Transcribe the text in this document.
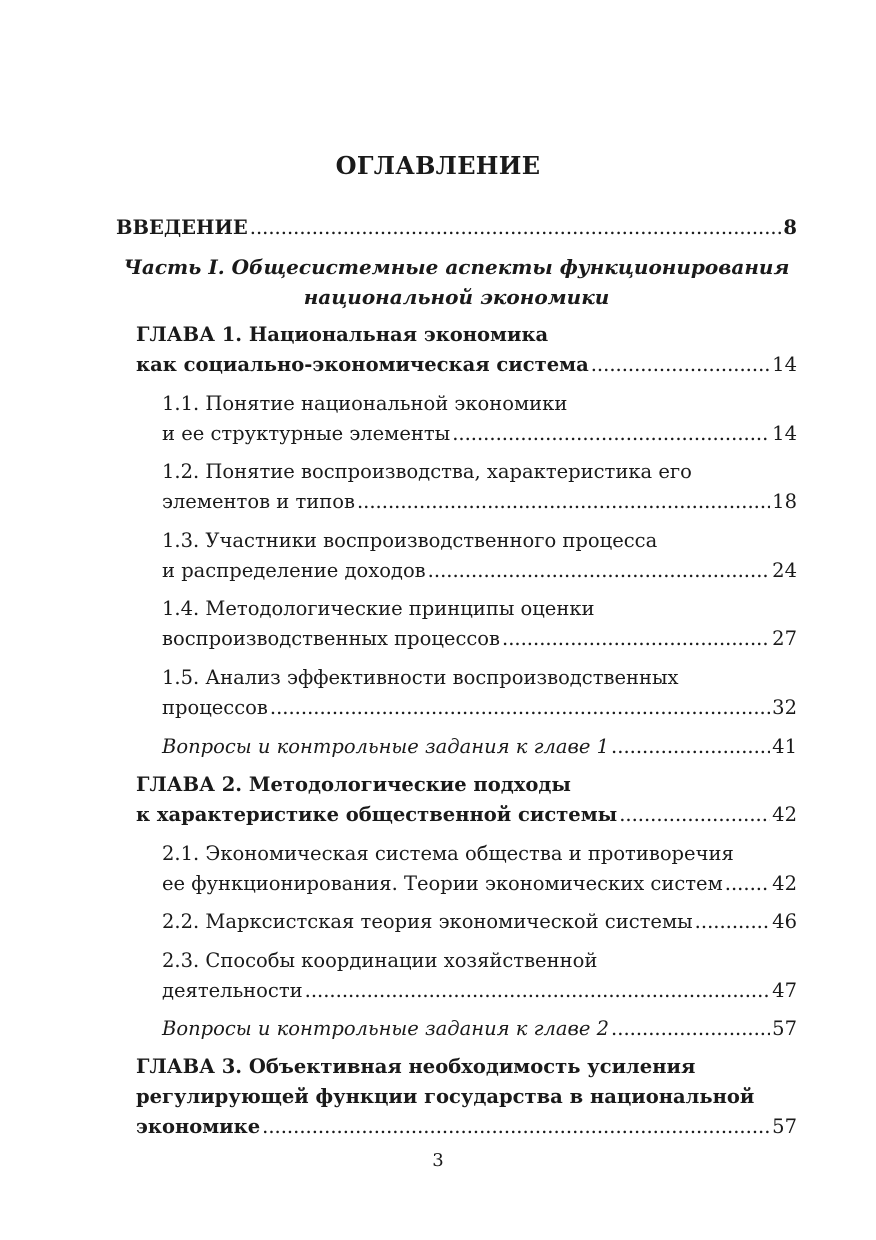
ОГЛАВЛЕНИЕ
ВВЕДЕНИЕ .....	8
Часть I. Общесистемные аспекты функционирования
национальной экономики
ГЛАВА 1. Национальная экономика
как социально-экономическая система .....	14
1.1. Понятие национальной экономики
и ее структурные элементы .....	14
1.2. Понятие воспроизводства, характеристика его
элементов и типов .....	18
1.3. Участники воспроизводственного процесса
и распределение доходов .....	24
1.4. Методологические принципы оценки
воспроизводственных процессов .....	27
1.5. Анализ эффективности воспроизводственных
процессов .....	32
Вопросы и контрольные задания к главе 1 .....	41
ГЛАВА 2. Методологические подходы
к характеристике общественной системы .....	42
2.1. Экономическая система общества и противоречия
ее функционирования. Теории экономических систем .....	42
2.2. Марксистская теория экономической системы .....	46
2.3. Способы координации хозяйственной
деятельности .....	47
Вопросы и контрольные задания к главе 2 .....	57
ГЛАВА 3. Объективная необходимость усиления
регулирующей функции государства в национальной
экономике .....	57
3
